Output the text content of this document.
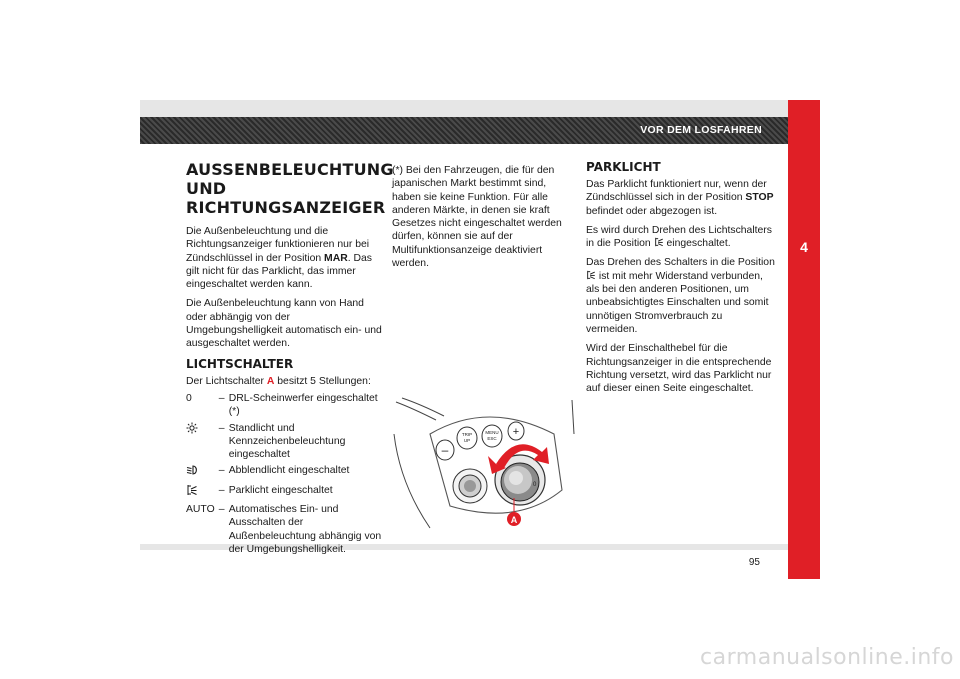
VOR DEM LOSFAHREN
4
95
AUSSENBELEUCHTUNG
UND
RICHTUNGSANZEIGER

Die Außenbeleuchtung und die Richtungsanzeiger funktionieren nur bei Zündschlüssel in der Position MAR. Das gilt nicht für das Parklicht, das immer eingeschaltet werden kann.

Die Außenbeleuchtung kann von Hand oder abhängig von der Umgebungshelligkeit automatisch ein- und ausgeschaltet werden.

LICHTSCHALTER

Der Lichtschalter A besitzt 5 Stellungen:

0	–	DRL-Scheinwerfer eingeschaltet (*)
	–	Standlicht und Kennzeichenbeleuchtung eingeschaltet
	–	Abblendlicht eingeschaltet
	–	Parklicht eingeschaltet
AUTO	–	Automatisches Ein- und Ausschalten der Außenbeleuchtung abhängig von der Umgebungshelligkeit.

(*) Bei den Fahrzeugen, die für den japanischen Markt bestimmt sind, haben sie keine Funktion. Für alle anderen Märkte, in denen sie kraft Gesetzes nicht eingeschaltet werden dürfen, können sie auf der Multifunktionsanzeige deaktiviert werden.

–
TRIP
UP
MENU
ESC
+
0
A
PARKLICHT

Das Parklicht funktioniert nur, wenn der Zündschlüssel sich in der Position STOP befindet oder abgezogen ist.

Es wird durch Drehen des Lichtschalters in die Position  eingeschaltet.

Das Drehen des Schalters in die Position  ist mit mehr Widerstand verbunden, als bei den anderen Positionen, um unbeabsichtigtes Einschalten und somit unnötigen Stromverbrauch zu vermeiden.

Wird der Einschalthebel für die Richtungsanzeiger in die entsprechende Richtung versetzt, wird das Parklicht nur auf dieser einen Seite eingeschaltet.

carmanualsonline.info
